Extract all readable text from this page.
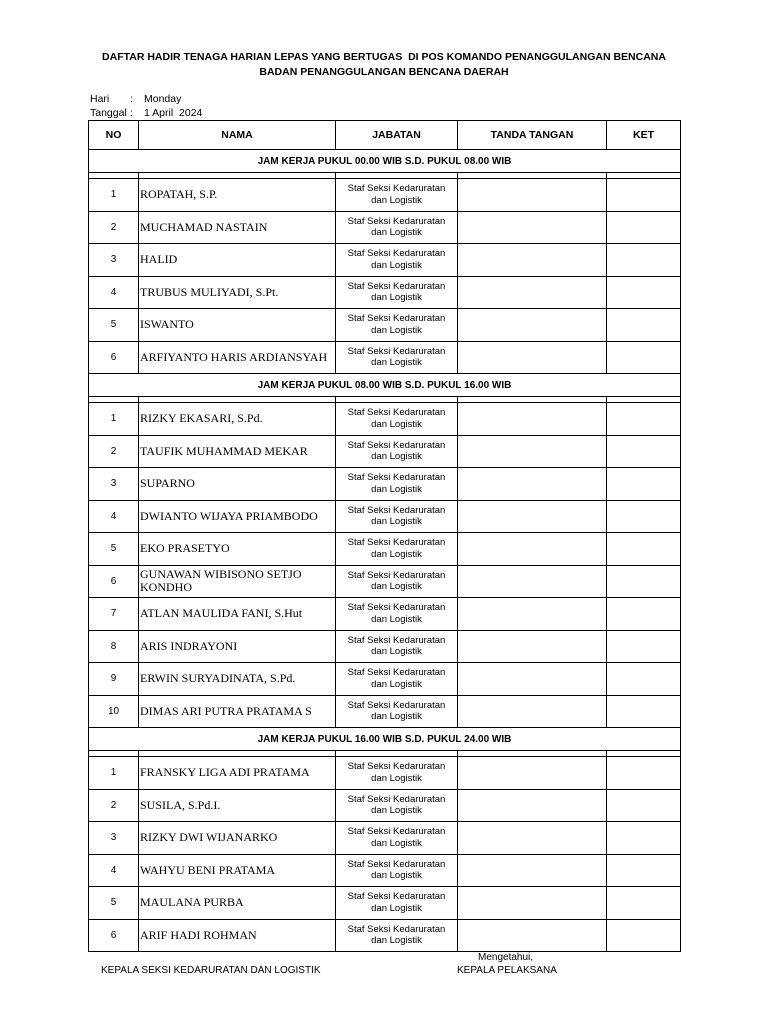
DAFTAR HADIR TENAGA HARIAN LEPAS YANG BERTUGAS  DI POS KOMANDO PENANGGULANGAN BENCANA
BADAN PENANGGULANGAN BENCANA DAERAH
Hari	:	Monday
Tanggal :	1 April  2024
NO	NAMA	JABATAN	TANDA TANGAN	KET
JAM KERJA PUKUL 00.00 WIB S.D. PUKUL 08.00 WIB				

1	ROPATAH, S.P.	Staf Seksi Kedaruratan
dan Logistik		

2	MUCHAMAD NASTAIN	Staf Seksi Kedaruratan
dan Logistik		

3	HALID	Staf Seksi Kedaruratan
dan Logistik		

4	TRUBUS MULIYADI, S.Pt.	Staf Seksi Kedaruratan
dan Logistik		

5	ISWANTO	Staf Seksi Kedaruratan
dan Logistik		

6	ARFIYANTO HARIS ARDIANSYAH	Staf Seksi Kedaruratan
dan Logistik		

JAM KERJA PUKUL 08.00 WIB S.D. PUKUL 16.00 WIB				

1	RIZKY EKASARI, S.Pd.	Staf Seksi Kedaruratan
dan Logistik		

2	TAUFIK MUHAMMAD MEKAR	Staf Seksi Kedaruratan
dan Logistik		

3	SUPARNO	Staf Seksi Kedaruratan
dan Logistik		

4	DWIANTO WIJAYA PRIAMBODO	Staf Seksi Kedaruratan
dan Logistik		

5	EKO PRASETYO	Staf Seksi Kedaruratan
dan Logistik		

6	GUNAWAN WIBISONO SETJO KONDHO	Staf Seksi Kedaruratan
dan Logistik		

7	ATLAN MAULIDA FANI, S.Hut	Staf Seksi Kedaruratan
dan Logistik		

8	ARIS INDRAYONI	Staf Seksi Kedaruratan
dan Logistik		

9	ERWIN SURYADINATA, S.Pd.	Staf Seksi Kedaruratan
dan Logistik		

10	DIMAS ARI PUTRA PRATAMA S	Staf Seksi Kedaruratan
dan Logistik		

JAM KERJA PUKUL 16.00 WIB S.D. PUKUL 24.00 WIB				

1	FRANSKY LIGA ADI PRATAMA	Staf Seksi Kedaruratan
dan Logistik		

2	SUSILA, S.Pd.I.	Staf Seksi Kedaruratan
dan Logistik		

3	RIZKY DWI WIJANARKO	Staf Seksi Kedaruratan
dan Logistik		

4	WAHYU BENI PRATAMA	Staf Seksi Kedaruratan
dan Logistik		

5	MAULANA PURBA	Staf Seksi Kedaruratan
dan Logistik		

6	ARIF HADI ROHMAN	Staf Seksi Kedaruratan
dan Logistik		

KEPALA SEKSI KEDARURATAN DAN LOGISTIK
Mengetahui,
KEPALA PELAKSANA
